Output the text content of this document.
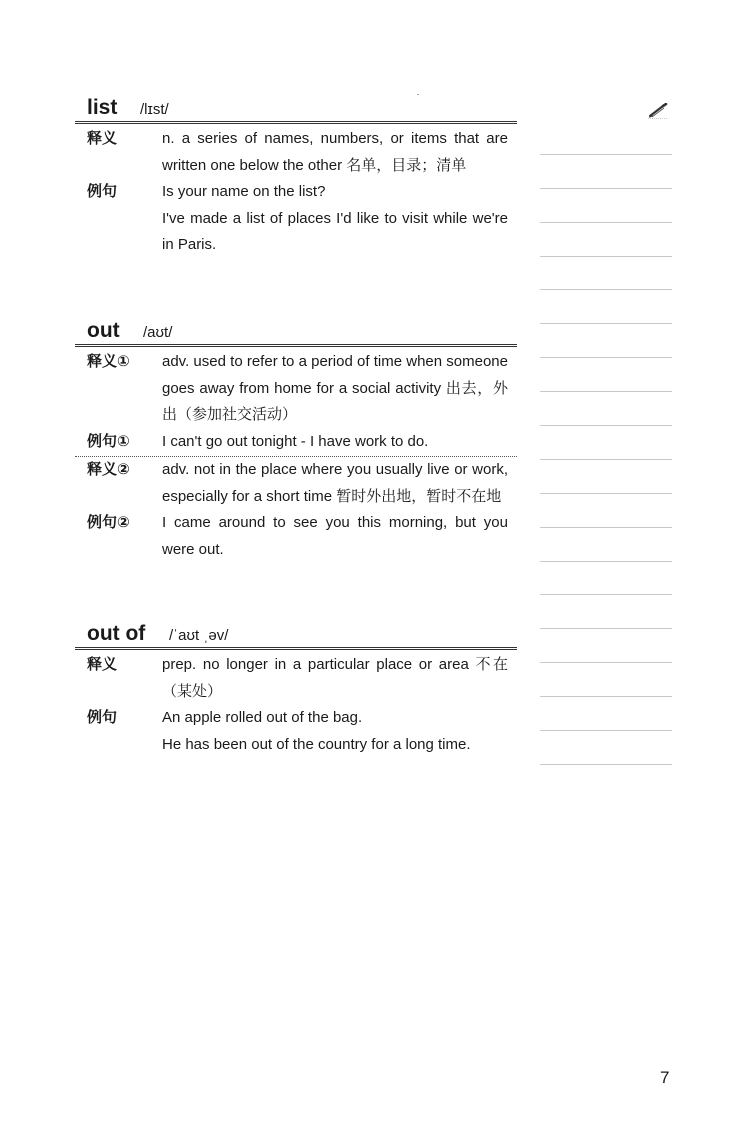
list /lɪst/
释义	n. a series of names, numbers, or items that are written one below the other 名单，目录；清单
例句	Is your name on the list?

I've made a list of places I'd like to visit while we're in Paris.

out /aʊt/
释义① adv. used to refer to a period of time when someone goes away from home for a social activity 出去，外出（参加社交活动）
例句① I can't go out tonight - I have work to do.
释义② adv. not in the place where you usually live or work, especially for a short time 暂时外出地，暂时不在地
例句② I came around to see you this morning, but you were out.
out of /ˈaʊt ˌəv/
释义	prep. no longer in a particular place or area 不在（某处）
例句	An apple rolled out of the bag.

He has been out of the country for a long time.

7
